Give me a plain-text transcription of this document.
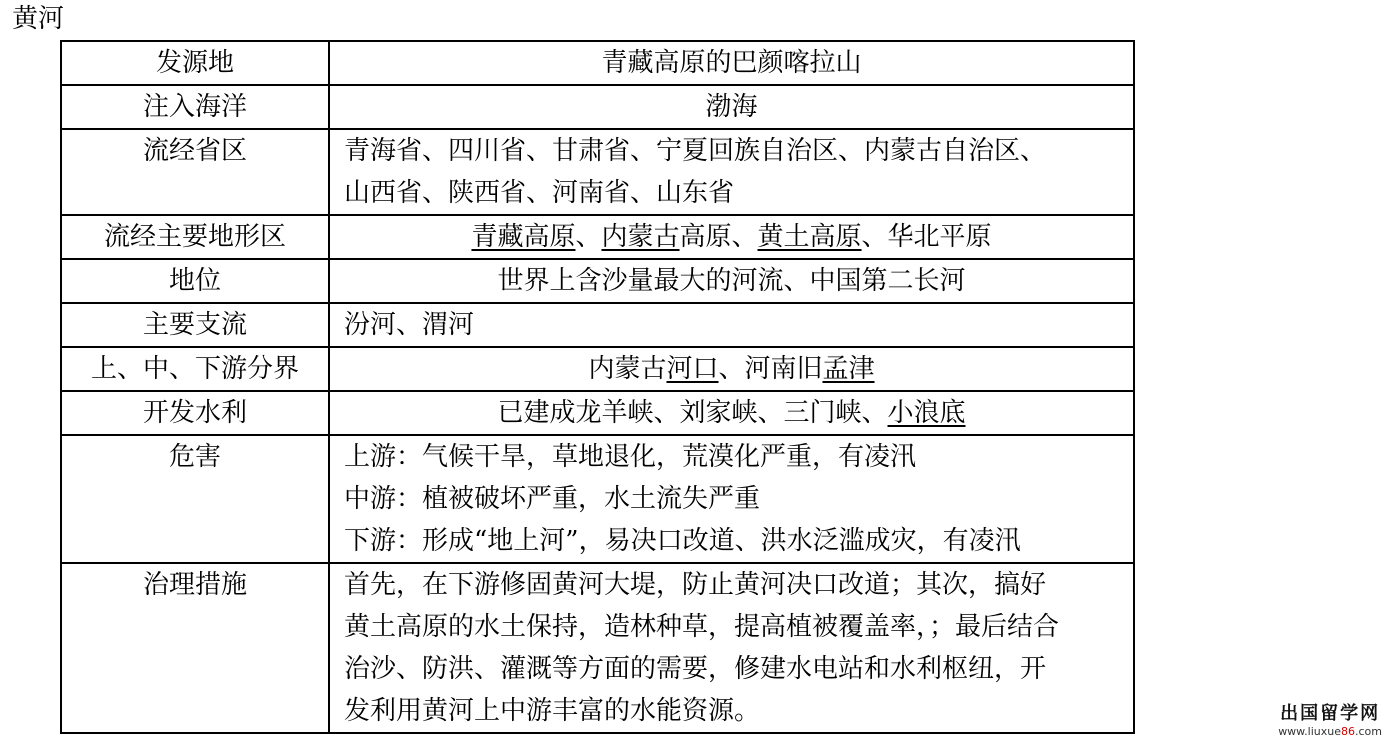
黄河
发源地	青藏高原的巴颜喀拉山

注入海洋	渤海

流经省区	青海省、四川省、甘肃省、宁夏回族自治区、内蒙古自治区、
山西省、陕西省、河南省、山东省

流经主要地形区	青藏高原、内蒙古高原、黄土高原、华北平原

地位	世界上含沙量最大的河流、中国第二长河

主要支流	汾河、渭河

上、中、下游分界	内蒙古河口、河南旧孟津

开发水利	已建成龙羊峡、刘家峡、三门峡、小浪底

危害	上游：气候干旱，草地退化，荒漠化严重，有凌汛
中游：植被破坏严重，水土流失严重
下游：形成“地上河”，易决口改道、洪水泛滥成灾，有凌汛

治理措施	首先，在下游修固黄河大堤，防止黄河决口改道；其次，搞好
黄土高原的水土保持，造林种草，提高植被覆盖率，；最后结合
治沙、防洪、灌溉等方面的需要，修建水电站和水利枢纽，开
发利用黄河上中游丰富的水能资源。	出国留学网
www.liuxue86.com
